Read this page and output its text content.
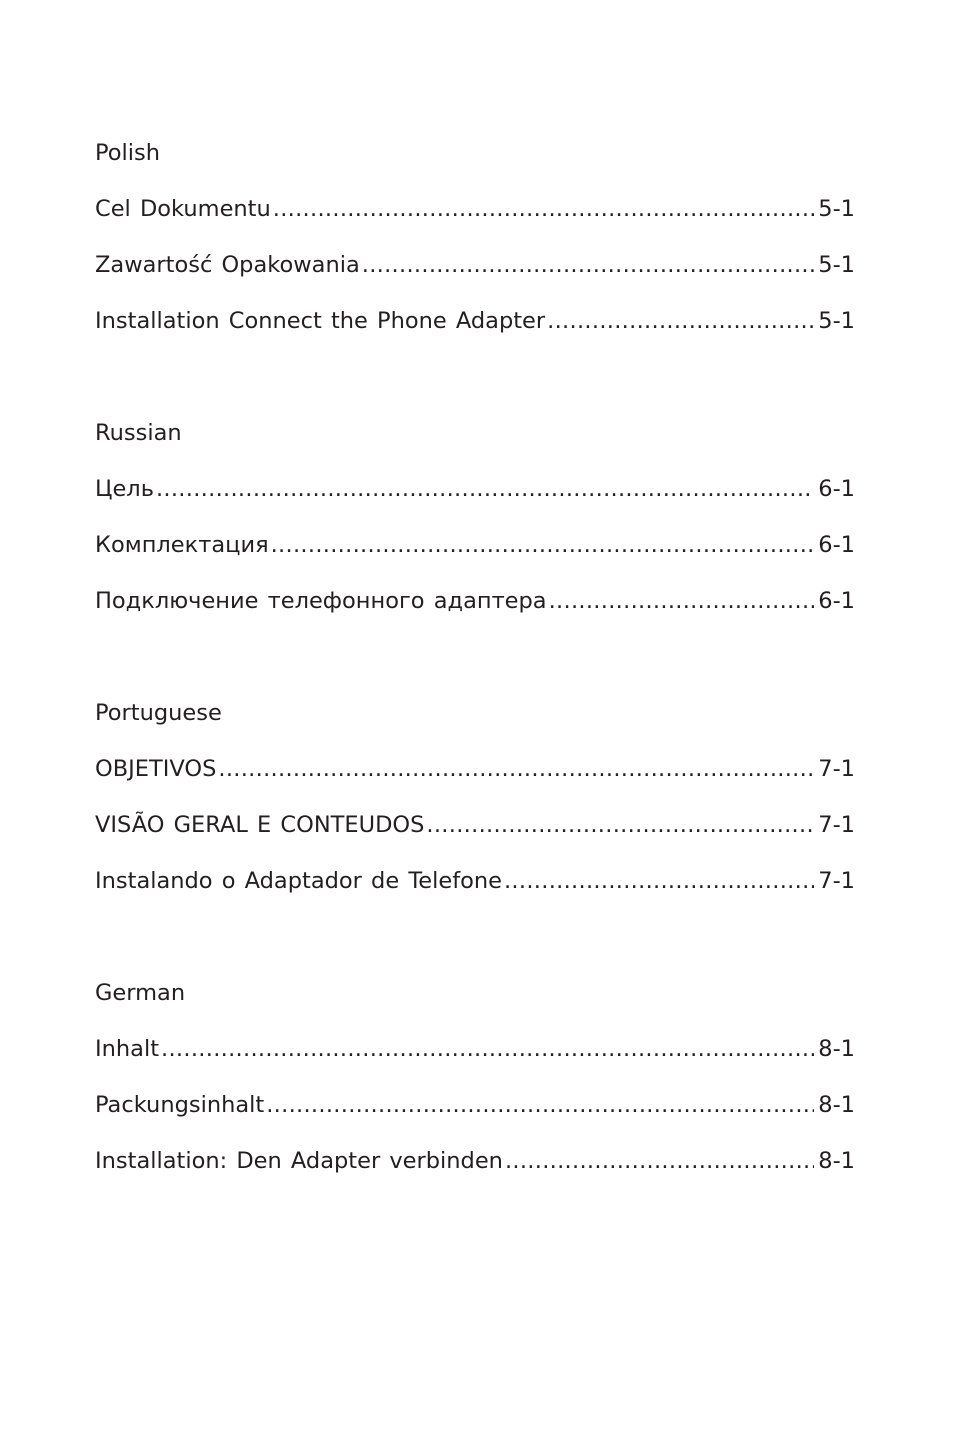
Polish
Cel Dokumentu .....	5-1
Zawartość Opakowania .....	5-1
Installation Connect the Phone Adapter .....	5-1
Russian
Цель .....	6-1
Комплектация .....	6-1
Подключение телефонного адаптера .....	6-1
Portuguese
OBJETIVOS .....	7-1
VISÃO GERAL E CONTEUDOS .....	7-1
Instalando o Adaptador de Telefone .....	7-1
German
Inhalt .....	8-1
Packungsinhalt .....	8-1
Installation: Den Adapter verbinden .....	8-1
